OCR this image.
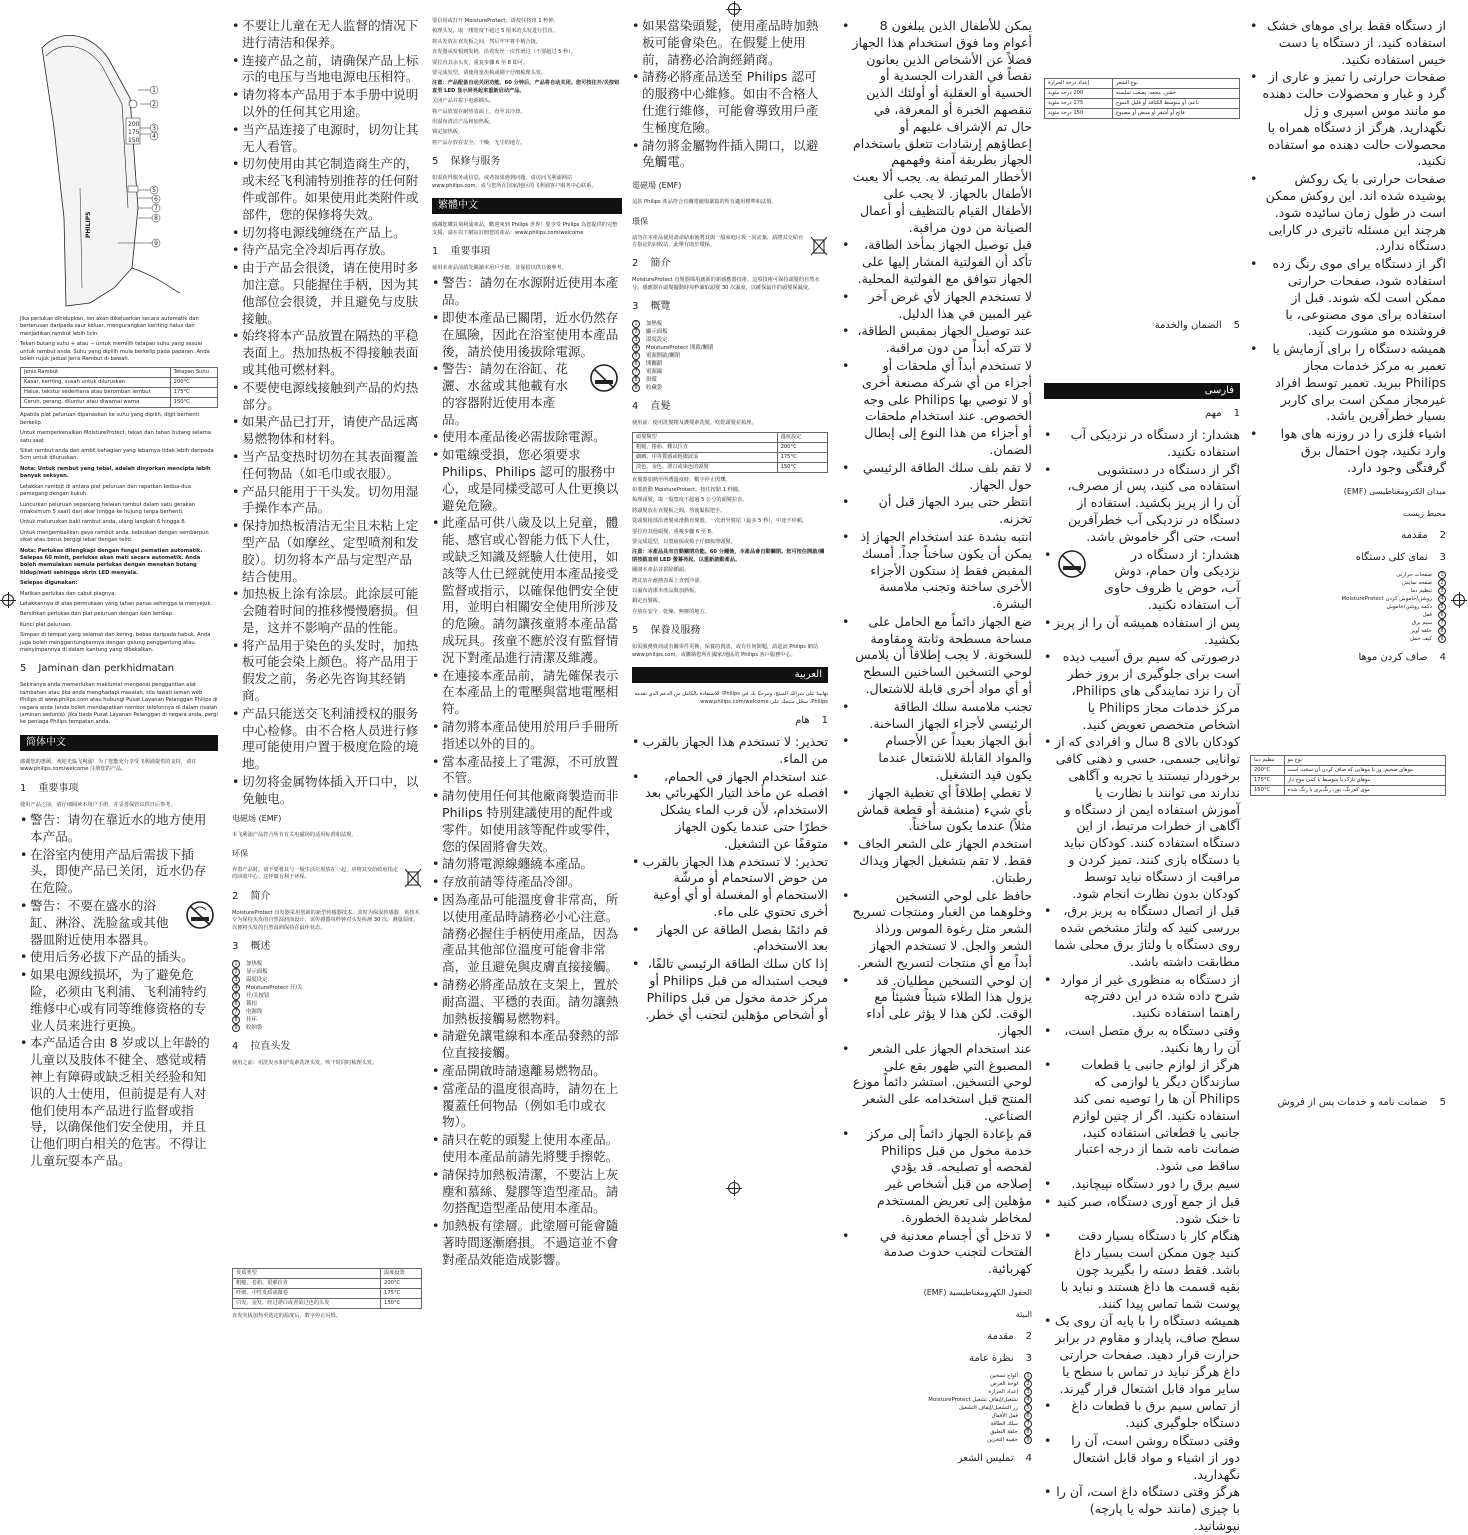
200
175
150
PHILIPS
1
2
3
4
5
6
7
8
9

Jika perlukas dihidupkan, ion akan dikeluarkan secara automatik dan berterusan daripada saur keluar, mengurangkan keriting halus dan menjadikan rambut lebih licin.

Tekan butang suhu + atau − untuk memilih tetapan suhu yang sesuai untuk rambut anda. Suhu yang dipilih mula berkelip pada paparan. Anda boleh rujuk jadual Jenis Rambut di bawah.

Jenis Rambut	Tetapan Suhu
Kasar, keriting, susah untuk diluruskan	200°C
Halus, tekstur sederhana atau beromban lembut	175°C
Ceruh, perang, diluntur atau diwarnai warna	150°C

Apabila plat peluruan dipanaskan ke suhu yang dipilih, digit berhenti berkelip.

Untuk memperkenalkan MoistureProtect, tekan dan tahan butang selama satu saat.

Sikat rambut anda dan ambil bahagian yang lebarnya tidak lebih daripada 5cm untuk diluruskan.

Nota: Untuk rambut yang tebal, adalah disyorkan mencipta lebih banyak seksyen.

Letakkan rambut di antara plat peluruan dan rapatkan kedua-dua pemegang dengan kukuh.

Luncurkan peluruan sepanjang helaian rambut dalam satu gerakan (maksimum 5 saat) dari akar hingga ke hujung tanpa berhenti.

Untuk meluruskan baki rambut anda, ulang langkah 6 hingga 8.

Untuk mengembalikan gaya rambut anda, kebuskan dengan sembarpun sikat atau berus bergigi lebar dengan teliti.

Nota: Perlukas dilengkapi dengan fungsi pematian automatik. Selepas 60 minit, perlukas akan mati secara automatik. Anda boleh memulakan semula perlukas dengan menekan butang hidup/mati sehingga skrin LED menyala.

Selepas digunakan:

Matikan perlukas dan cabut plagnya.

Letakkannya di atas permukaan yang tahan panas sehingga ia menyejuk.

Bersihkan perlukas dan plat peluruan dengan kain lembap.

Kunci plat peluruan.

Simpan di tempat yang selamat dan kering, bebas daripada habuk. Anda juga boleh menggantungkannya dengan gelung penggantung atau menyimpannya di dalam kantung yang dibekalkan.

5 Jaminan dan perkhidmatan

Sekiranya anda memerlukan maklumat mengenai penggantian alat tambahan atau jika anda menghadapi masalah, sila lawati laman web Philips di www.philips.com atau hubungi Pusat Layanan Pelanggan Philips di negara anda (anda boleh mendapatkan nombor telefonnya di dalam risalah jaminan sedunia). Jika tiada Pusat Layanan Pelanggan di negara anda, pergi ke peniaga Philips tempatan anda.

简体中文

感谢您的惠顾，欢迎光临飞利浦！为了您能充分享受飞利浦提供的支持，请在 www.philips.com/welcome 注册您的产品。

1 重要事项

使用产品之前，请仔细阅读本用户手册，并妥善保管以供日后参考。

• 警告：请勿在靠近水的地方使用本产品。
• 在浴室内使用产品后需拔下插头，即使产品已关闭，近水仍存在危险。
• 警告：不要在盛水的浴缸、淋浴、洗脸盆或其他器皿附近使用本器具。
• 使用后务必拔下产品的插头。
• 如果电源线损坏，为了避免危险，必须由飞利浦、飞利浦特约维修中心或有同等维修资格的专业人员来进行更换。
• 本产品适合由 8 岁或以上年龄的儿童以及肢体不健全、感觉或精神上有障碍或缺乏相关经验和知识的人士使用，但前提是有人对他们使用本产品进行监督或指导，以确保他们安全使用，并且让他们明白相关的危害。不得让儿童玩耍本产品。
• 不要让儿童在无人监督的情况下进行清洁和保养。
• 连接产品之前，请确保产品上标示的电压与当地电源电压相符。
• 请勿将本产品用于本手册中说明以外的任何其它用途。
• 当产品连接了电源时，切勿让其无人看管。
• 切勿使用由其它制造商生产的，或未经飞利浦特别推荐的任何附件或部件。如果使用此类附件或部件，您的保修将失效。
• 切勿将电源线缠绕在产品上。
• 待产品完全冷却后再存放。
• 由于产品会很烫，请在使用时多加注意。只能握住手柄，因为其他部位会很烫，并且避免与皮肤接触。
• 始终将本产品放置在隔热的平稳表面上。热加热板不得接触表面或其他可燃材料。
• 不要使电源线接触到产品的灼热部分。
• 如果产品已打开，请使产品远离易燃物体和材料。
• 当产品变热时切勿在其表面覆盖任何物品（如毛巾或衣服）。
• 产品只能用于干头发。切勿用湿手操作本产品。
• 保持加热板清洁无尘且未粘上定型产品（如摩丝、定型喷剂和发胶）。切勿将本产品与定型产品结合使用。
• 加热板上涂有涂层。此涂层可能会随着时间的推移慢慢磨损。但是，这并不影响产品的性能。
• 将产品用于染色的头发时，加热板可能会染上颜色。将产品用于假发之前，务必先咨询其经销商。
• 产品只能送交飞利浦授权的服务中心检修。由不合格人员进行修理可能使用户置于极度危险的境地。
• 切勿将金属物体插入开口中，以免触电。
电磁场 (EMF)

本飞利浦产品符合所有有关电磁场的适用标准和法规。

环保

弃置产品时，请不要将其与一般生活垃圾放在一起，应将其交给政府指定的回收中心。这样做有利于环保。

2 简介

MoistureProtect 直发器采用创新的新型传感器技术，其时为保湿传感器。该技术专为保持头发的自然湿润而设计，该传感器每秒钟对头发检测 30 次，测量湿度，以便将头发的自然湿润保持在最佳状态。

3 概述
1	加热板
2	显示面板
3	温度设定
4	MoistureProtect 开/关
5	开/关按钮
6	锁扣
7	电源线
8	挂环
9	收纳袋
4 拉直头发

使用之前：用洗发水和护发素洗净头发。吹干时同时梳理头发。

发质类型	温度设置
粗糙、卷曲、很难拉直	200°C
纤细、中性发质或微卷	175°C
白发、金发、经过漂白或者染过色的头发	150°C

直发夹板加热至选定的温度后，数字停止闪烁。

要启用或打开 MoistureProtect，请按住按钮 1 秒钟。

梳理头发，取一缕宽度不超过 5 厘米的头发进行拉直。

将头发放在直发板之间，然后牢牢将手柄合拢。

直发器从发根到发梢，沿着发丝一次性滑过（不要超过 5 秒）。

要拉直其余头发，重复步骤 6 至 8 即可。

要完成发型，请使用宽齿梳或刷子仔细梳理头发。

注意：产品配备自动关闭功能。60 分钟后，产品将自动关闭。您可按住开/关按钮直至 LED 显示屏亮起来重新启动产品。

关闭产品并拔下电源插头。

将产品放置在耐热表面上，直至其冷却。

用湿布清洁产品和加热板。

锁定加热板。

将产品存放在安全、干燥、无尘的地方。

5 保修与服务

如需获得服务或信息，或者如果遇到问题，请访问飞利浦网站 www.philips.com，或与您所在国家/地区的飞利浦客户服务中心联系。

繁體中文

感謝您購買飛利浦產品，歡迎來到 Philips 世界！要享受 Philips 為您提供的完整支援，請在以下網站註冊您的產品：www.philips.com/welcome

1 重要事項

使用本產品前請先閱讀本用戶手冊，並保留以供日後參考。

• 警告：請勿在水源附近使用本產品。
• 即使本產品已關閉，近水仍然存在風險，因此在浴室使用本產品後，請於使用後拔除電源。
• 警告：請勿在浴缸、花灑、水盆或其他載有水的容器附近使用本產品。
• 使用本產品後必需拔除電源。
• 如電線受損，您必須要求 Philips、Philips 認可的服務中心，或是同樣受認可人仕更換以避免危險。
• 此產品可供八歲及以上兒童，體能、感官或心智能力低下人仕，或缺乏知識及經驗人仕使用，如該等人仕已經就使用本產品接受監督或指示，以確保他們安全使用，並明白相關安全使用所涉及的危險。請勿讓孩童將本產品當成玩具。孩童不應於沒有監督情況下對產品進行清潔及維護。
• 在連接本產品前，請先確保表示在本產品上的電壓與當地電壓相符。
• 請勿將本產品使用於用戶手冊所指述以外的目的。
• 當本產品接上了電源，不可放置不管。
• 請勿使用任何其他廠商製造而非 Philips 特別建議使用的配件或零件。如使用該等配件或零件，您的保固將會失效。
• 請勿將電源線纏繞本產品。
• 存放前請等待產品冷卻。
• 因為產品可能溫度會非常高，所以使用產品時請務必小心注意。請務必握住手柄使用產品，因為產品其他部位溫度可能會非常高，並且避免與皮膚直接接觸。
• 請務必將產品放在支架上，置於耐高溫、平穩的表面。請勿讓熱加熱板接觸易燃物料。
• 請避免讓電線和本產品發熱的部位直接接觸。
• 產品開啟時請遠離易燃物品。
• 當產品的溫度很高時，請勿在上覆蓋任何物品（例如毛巾或衣物）。
• 請只在乾的頭髮上使用本產品。使用本產品前請先將雙手擦乾。
• 請保持加熱板清潔，不要沾上灰塵和慕絲、髮膠等造型產品。請勿搭配造型產品使用本產品。
• 加熱板有塗層。此塗層可能會隨著時間逐漸磨損。不過這並不會對產品效能造成影響。
• 如果當染頭髮，使用產品時加熱板可能會染色。在假髮上使用前，請務必洽詢經銷商。
• 請務必將產品送至 Philips 認可的服務中心維修。如由不合格人仕進行維修，可能會導致用戶產生極度危險。
• 請勿將金屬物件插入開口，以避免觸電。
電磁場 (EMF)

這款 Philips 產品符合有關電磁場暴露的所有適用標準和法規。

環保

請勿在本產品使用壽命結束後將其與一般家庭垃圾一同丟棄，請將其交給官方指定的回收站。此舉有助於環保。

2 簡介

MoistureProtect 直髮器採用創新的新感應器技術。這項技術可保持頭髮的自然水分。感應器在頭髮擺動時每秒讀取頭髮 30 次濕度，以確保最佳的頭髮保濕度。

3 概覽
1	加熱板
2	顯示面板
3	溫度設定
4	MoistureProtect 開啟/關閉
5	電源開啟/關閉
6	開關鎖
7	電源線
8	掛環
9	收藏袋
4 直髮

使用前：使用洗髮精及護髮素洗髮。吹乾頭髮並梳理。

頭髮類型	溫度設定
粗糙、捲曲、難以拉直	200°C
細緻、中等質感或輕微波浪	175°C
淡色、金色、漂白或染色的頭髮	150°C

直髮器加熱至所選溫度時，數字停止閃爍。

如要啟動 MoistureProtect，按住按鈕 1 秒鐘。

梳理頭髮，取一股寬度不超過 5 公分的頭髮拉直。

將頭髮放在直髮板之間，然後緊握把手。

從頭髮根部沿著髮束滑動直髮器，一次滑至髮尾（最多 5 秒），中途不停頓。

要拉直其他頭髮，重複步驟 6 至 8。

要完成造型，以寬齒梳或梳子仔細梳理頭髮。

注意：本產品具有自動關閉功能。60 分鐘後，本產品會自動關閉。您可按住開啟/關閉按鈕直到 LED 螢幕亮起，以重新啟動產品。

關閉本產品並拔除插頭。

將其放在耐熱表面上直到冷卻。

以濕布清潔本產品與加熱板。

鎖定直髮板。

存放在安全、乾燥、無塵的地方。

5 保養及服務

如需服務資訊或有關零件更換、保養的資訊，或有任何問題，請造訪 Philips 網站 www.philips.com，或聯絡您所在國家/地區的 Philips 客戶服務中心。

العربية

تهانينا على شرائك المنتج، ومرحبًا بك في Philips! للاستفادة بالكامل من الدعم الذي تقدمه Philips، سجّل منتجك على www.philips.com/welcome

1
هام
• تحذير: لا تستخدم هذا الجهاز بالقرب من الماء.
• عند استخدام الجهاز في الحمام، افصله عن مأخذ التيار الكهربائي بعد الاستخدام، لأن قرب الماء يشكل خطرًا حتى عندما يكون الجهاز متوقفًا عن التشغيل.
• تحذير: لا تستخدم هذا الجهاز بالقرب من حوض الاستحمام أو مرشّة الاستحمام أو المغسلة أو أي أوعية أخرى تحتوي على ماء.
• قم دائمًا بفصل الطاقة عن الجهاز بعد الاستخدام.
• إذا كان سلك الطاقة الرئيسي تالفًا، فيجب استبداله من قبل Philips أو مركز خدمة مخول من قبل Philips أو أشخاص مؤهلين لتجنب أي خطر.
• يمكن للأطفال الذين يبلغون 8 أعوام وما فوق استخدام هذا الجهاز فضلاً عن الأشخاص الذين يعانون نقصاً في القدرات الجسدية أو الحسية أو العقلية أو أولئك الذين تنقصهم الخبرة أو المعرفة، في حال تم الإشراف عليهم أو إعطاؤهم إرشادات تتعلق باستخدام الجهاز بطريقة آمنة وفهمهم الأخطار المرتبطة به. يجب ألا يعبث الأطفال بالجهاز. لا يجب على الأطفال القيام بالتنظيف أو أعمال الصيانة من دون مراقبة.
• قبل توصيل الجهاز بمأخذ الطاقة، تأكد أن الفولتية المشار إليها على الجهاز تتوافق مع الفولتية المحلية.
• لا تستخدم الجهاز لأي غرض آخر غير المبين في هذا الدليل.
• عند توصيل الجهاز بمقبس الطاقة، لا تتركه أبداً من دون مراقبة.
• لا تستخدم أبداً أي ملحقات أو أجزاء من أي شركة مصنعة أخرى أو لا توصي بها Philips على وجه الخصوص. عند استخدام ملحقات أو أجزاء من هذا النوع إلى إبطال الضمان.
• لا تقم بلف سلك الطاقة الرئيسي حول الجهاز.
• انتظر حتى يبرد الجهاز قبل أن تخزنه.
• انتبه بشدة عند استخدام الجهاز إذ يمكن أن يكون ساخناً جداً. أمسك المقبض فقط إذ ستكون الأجزاء الأخرى ساخنة وتجنب ملامسة البشرة.
• ضع الجهاز دائماً مع الحامل على مساحة مسطحة وثابتة ومقاومة للسخونة. لا يجب إطلاقاً أن يلامس لوحي التسخين الساخنين السطح أو أي مواد أخرى قابلة للاشتعال.
• تجنب ملامسة سلك الطاقة الرئيسي لأجزاء الجهاز الساخنة.
• أبق الجهاز بعيداً عن الأجسام والمواد القابلة للاشتعال عندما يكون قيد التشغيل.
• لا تغطي إطلاقاً أي تغطية الجهاز بأي شيء (منشفة أو قطعة قماش مثلاً) عندما يكون ساخناً.
• استخدم الجهاز على الشعر الجاف فقط. لا تقم بتشغيل الجهاز ويداك رطبتان.
• حافظ على لوحي التسخين وخلوهما من الغبار ومنتجات تسريح الشعر مثل رغوة الموس ورذاذ الشعر والجل. لا تستخدم الجهاز أبداً مع أي منتجات لتسريح الشعر.
• إن لوحي التسخين مطليان. قد يزول هذا الطلاء شيئاً فشيئاً مع الوقت. لكن هذا لا يؤثر على أداء الجهاز.
• عند استخدام الجهاز على الشعر المصبوغ التي ظهور بقع على لوحي التسخين. استشر دائماً موزع المنتج قبل استخدامه على الشعر الصناعي.
• قم بإعادة الجهاز دائماً إلى مركز خدمة مخول من قبل Philips لفحصه أو تصليحه. قد يؤدي إصلاحه من قبل أشخاص غير مؤهلين إلى تعريض المستخدم لمخاطر شديدة الخطورة.
• لا تدخل أي أجسام معدنية في الفتحات لتجنب حدوث صدمة كهربائية.
الحقول الكهرومغناطيسية (EMF)
البيئة
2
مقدمة
3
نظرة عامة
1
ألواح تسخين
2
لوحة العرض
3
إعداد الحرارة
4
تشغيل/إيقاف تشغيل MoistureProtect
5
زر التشغيل/إيقاف التشغيل
6
قفل الأقفال
7
سلك الطاقة
8
حلقة التعليق
9
حقيبة التخزين
4
تمليس الشعر
نوع الشعر	إعداد درجة الحرارة
خشن، مجعد، يصعب تمليسه	200 درجة مئوية
ناعم، أو متوسط الكثافة أو قليل التموج	175 درجة مئوية
فاتح أو أشقر أو مبيض أو مصبوغ	150 درجة مئوية
5
الضمان والخدمة
فارسی
1
مهم
• هشدار: از دستگاه در نزدیکی آب استفاده نکنید.
• اگر از دستگاه در دستشویی استفاده می کنید، پس از مصرف، آن را از پریز بکشید. استفاده از دستگاه در نزدیکی آب خطرآفرین است، حتی اگر خاموش باشد.
• هشدار: از دستگاه در نزدیکی وان حمام، دوش آب، حوض یا ظروف حاوی آب استفاده نکنید.
• پس از استفاده همیشه آن را از پریز بکشید.
• درصورتی که سیم برق آسیب دیده است برای جلوگیری از بروز خطر آن را نزد نمایندگی های Philips، مرکز خدمات مجاز Philips یا اشخاص متخصص تعویض کنید.
• کودکان بالای 8 سال و افرادی که از توانایی جسمی، حسی و ذهنی کافی برخوردار نیستند یا تجربه و آگاهی ندارند می توانند با نظارت یا آموزش استفاده ایمن از دستگاه و آگاهی از خطرات مرتبط، از این دستگاه استفاده کنند. کودکان نباید با دستگاه بازی کنند. تمیز کردن و مراقبت از دستگاه نباید توسط کودکان بدون نظارت انجام شود.
• قبل از اتصال دستگاه به پریز برق، بررسی کنید که ولتاژ مشخص شده روی دستگاه با ولتاژ برق محلی شما مطابقت داشته باشد.
• از دستگاه به منظوری غیر از موارد شرح داده شده در این دفترچه راهنما استفاده نکنید.
• وقتی دستگاه به برق متصل است، آن را رها نکنید.
• هرگز از لوازم جانبی یا قطعات سازندگان دیگر یا لوازمی که Philips آن ها را توصیه نمی کند استفاده نکنید. اگر از چنین لوازم جانبی یا قطعاتی استفاده کنید، ضمانت نامه شما از درجه اعتبار ساقط می شود.
• سیم برق را دور دستگاه نپیچانید.
• قبل از جمع آوری دستگاه، صبر کنید تا خنک شود.
• هنگام کار با دستگاه بسیار دقت کنید چون ممکن است بسیار داغ باشد. فقط دسته را بگیرید چون بقیه قسمت ها داغ هستند و نباید با پوست شما تماس پیدا کنند.
• همیشه دستگاه را با پایه آن روی یک سطح صاف، پایدار و مقاوم در برابر حرارت قرار دهید. صفحات حرارتی داغ هرگز نباید در تماس با سطح یا سایر مواد قابل اشتعال قرار گیرند.
• از تماس سیم برق با قطعات داغ دستگاه جلوگیری کنید.
• وقتی دستگاه روشن است، آن را دور از اشیاء و مواد قابل اشتعال نگهدارید.
• هرگز وقتی دستگاه داغ است، آن را با چیزی (مانند حوله یا پارچه) نپوشانید.
• از دستگاه فقط برای موهای خشک استفاده کنید. از دستگاه با دست خیس استفاده نکنید.
• صفحات حرارتی را تمیز و عاری از گرد و غبار و محصولات حالت دهنده مو مانند موس اسپری و ژل نگهدارید. هرگز از دستگاه همراه با محصولات حالت دهنده مو استفاده نکنید.
• صفحات حرارتی با یک روکش پوشیده شده اند. این روکش ممکن است در طول زمان سائیده شود. هرچند این مسئله تاثیری در کارایی دستگاه ندارد.
• اگر از دستگاه برای موی رنگ زده استفاده شود، صفحات حرارتی ممکن است لکه شوند. قبل از استفاده برای موی مصنوعی، با فروشنده مو مشورت کنید.
• همیشه دستگاه را برای آزمایش یا تعمیر به مرکز خدمات مجاز Philips ببرید. تعمیر توسط افراد غیرمجاز ممکن است برای کاربر بسیار خطرآفرین باشد.
• اشیاء فلزی را در روزنه های هوا وارد نکنید، چون احتمال برق گرفتگی وجود دارد.
میدان الکترومغناطیسی (EMF)
محیط زیست
2
مقدمه
3
نمای کلی دستگاه
1
صفحات حرارتی
2
صفحه نمایش
3
تنظیم دما
4
روشن/خاموش کردن MoistureProtect
5
دکمه روشن/خاموش
6
قفل
7
سیم برق
8
حلقه آویز
9
کیف حمل
4
صاف کردن موها
نوع مو	تنظیم دما
موهای ضخیم، وز یا موهایی که صاف کردن آن سخت است	200°C
موهای نازک یا متوسط یا کمی موج دار	175°C
موی کم‌رنگ، بور، رنگ‌بری یا رنگ شده	150°C
5
ضمانت نامه و خدمات پس از فروش
